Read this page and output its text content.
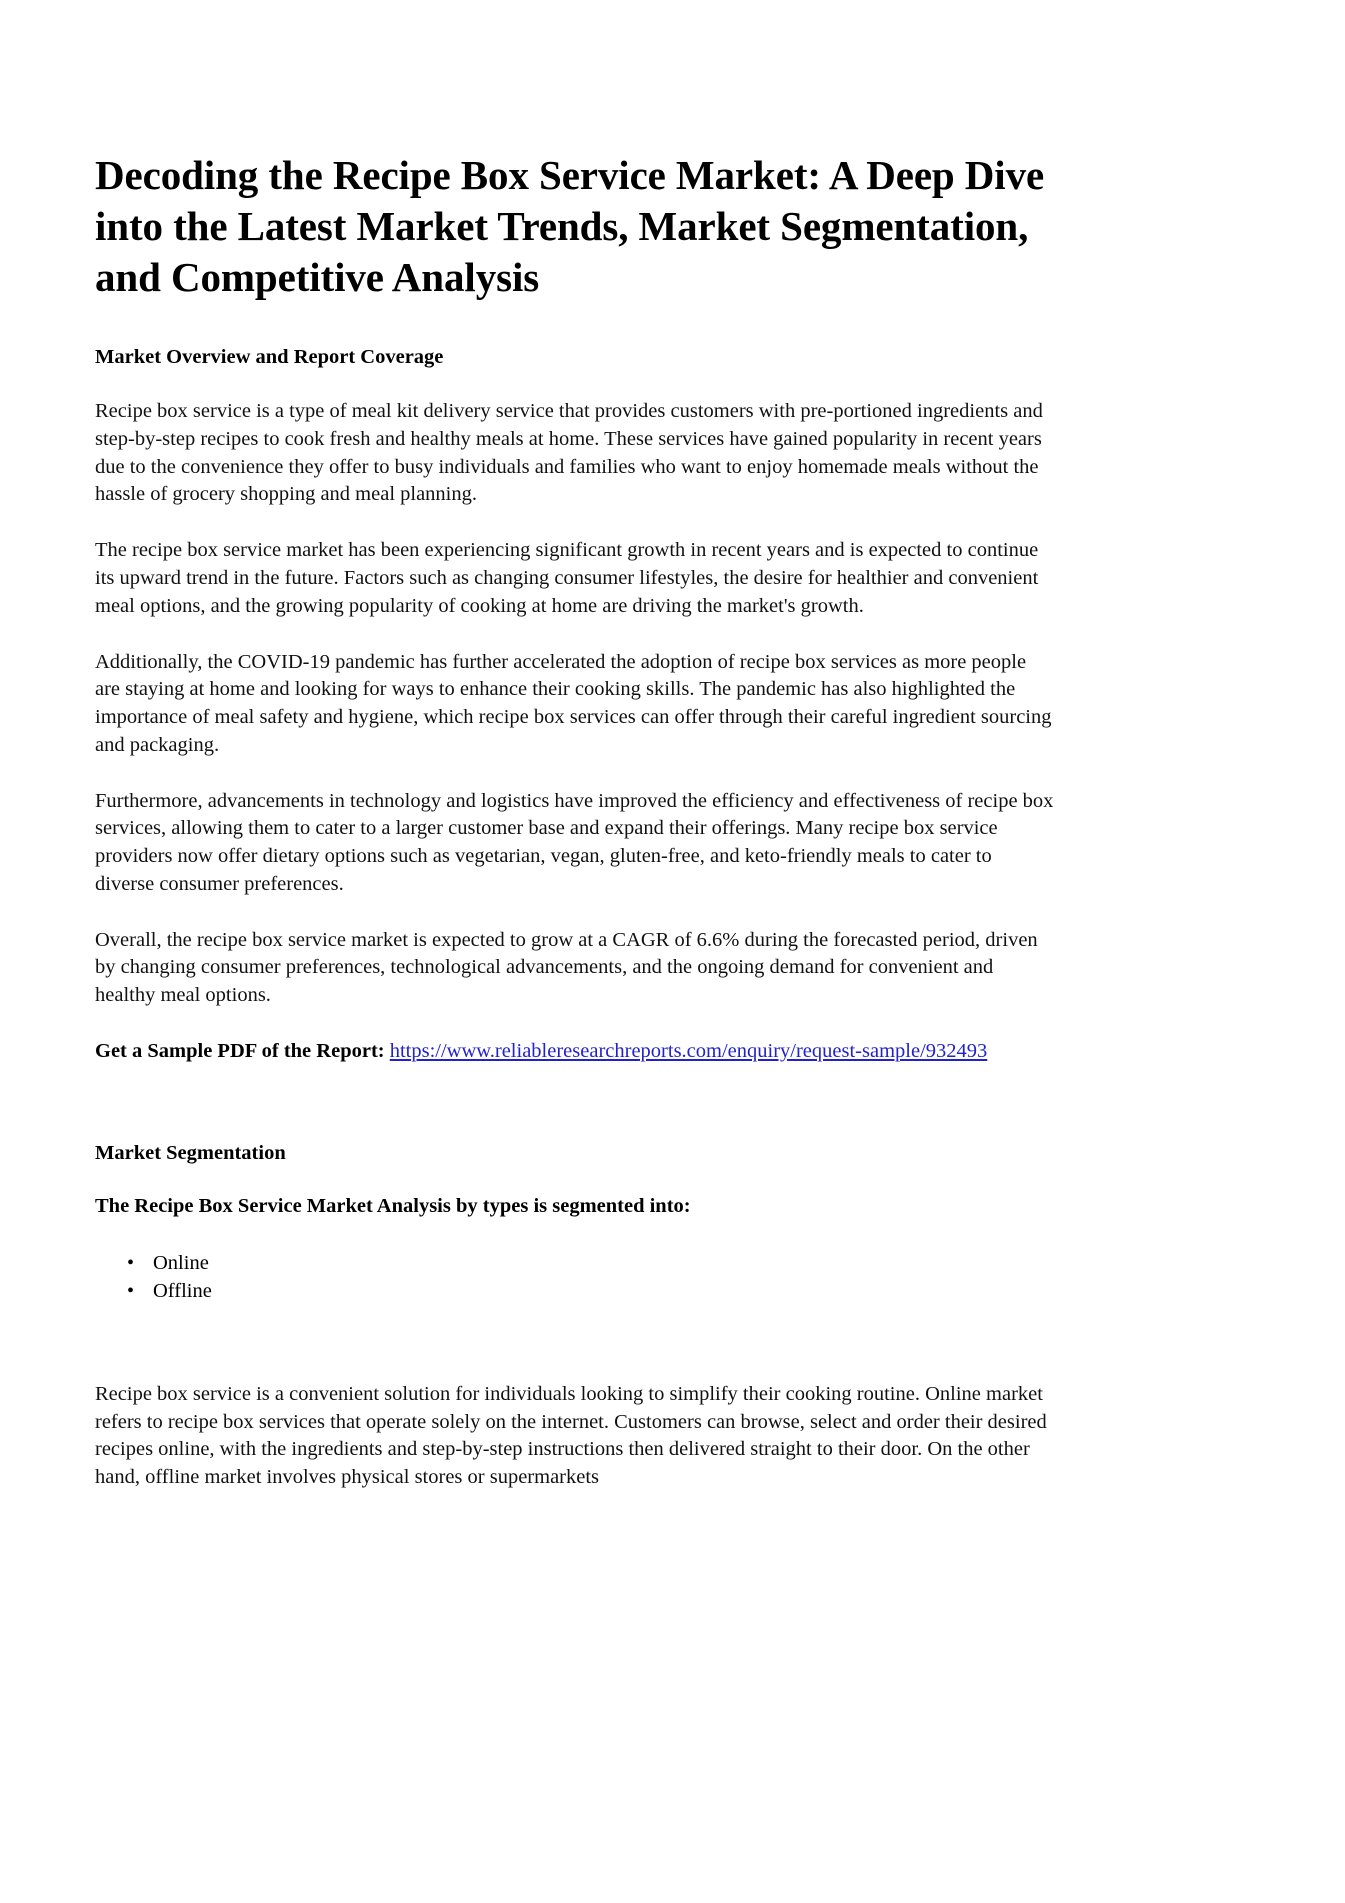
Decoding the Recipe Box Service Market: A Deep Dive into the Latest Market Trends, Market Segmentation, and Competitive Analysis
Market Overview and Report Coverage

Recipe box service is a type of meal kit delivery service that provides customers with pre-portioned ingredients and step-by-step recipes to cook fresh and healthy meals at home. These services have gained popularity in recent years due to the convenience they offer to busy individuals and families who want to enjoy homemade meals without the hassle of grocery shopping and meal planning.

The recipe box service market has been experiencing significant growth in recent years and is expected to continue its upward trend in the future. Factors such as changing consumer lifestyles, the desire for healthier and convenient meal options, and the growing popularity of cooking at home are driving the market's growth.

Additionally, the COVID-19 pandemic has further accelerated the adoption of recipe box services as more people are staying at home and looking for ways to enhance their cooking skills. The pandemic has also highlighted the importance of meal safety and hygiene, which recipe box services can offer through their careful ingredient sourcing and packaging.

Furthermore, advancements in technology and logistics have improved the efficiency and effectiveness of recipe box services, allowing them to cater to a larger customer base and expand their offerings. Many recipe box service providers now offer dietary options such as vegetarian, vegan, gluten-free, and keto-friendly meals to cater to diverse consumer preferences.

Overall, the recipe box service market is expected to grow at a CAGR of 6.6% during the forecasted period, driven by changing consumer preferences, technological advancements, and the ongoing demand for convenient and healthy meal options.

Get a Sample PDF of the Report: https://www.reliableresearchreports.com/enquiry/request-sample/932493

Market Segmentation

The Recipe Box Service Market Analysis by types is segmented into:

• Online
• Offline

Recipe box service is a convenient solution for individuals looking to simplify their cooking routine. Online market refers to recipe box services that operate solely on the internet. Customers can browse, select and order their desired recipes online, with the ingredients and step-by-step instructions then delivered straight to their door. On the other hand, offline market involves physical stores or supermarkets
